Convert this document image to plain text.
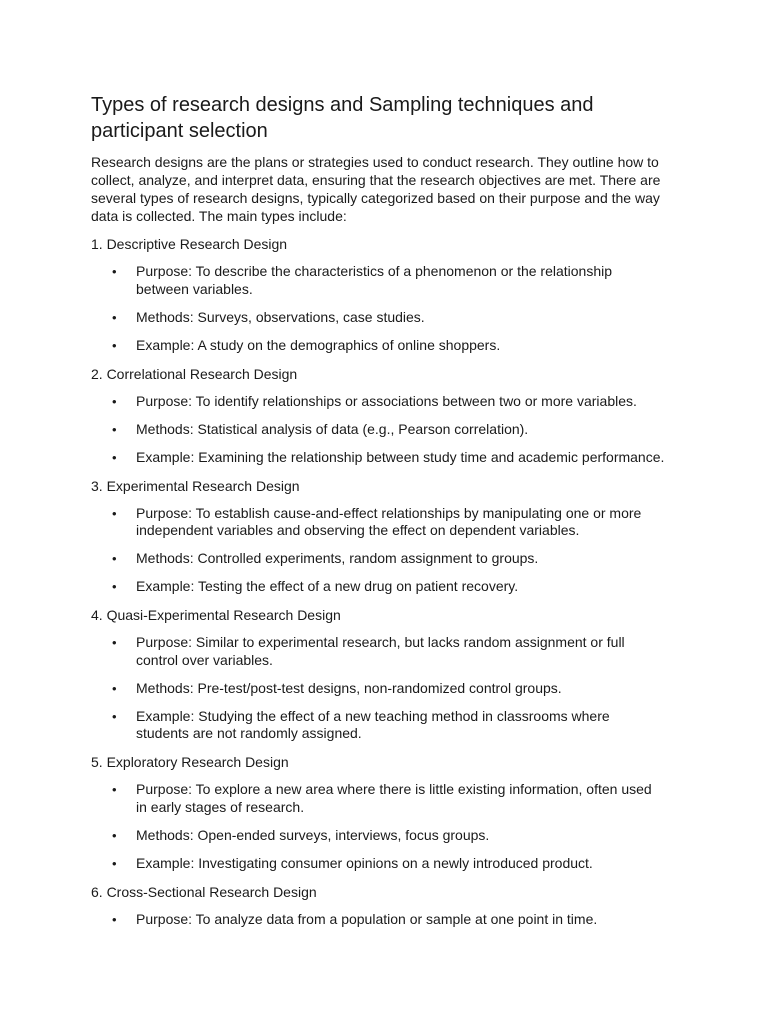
Types of research designs and Sampling techniques and participant selection

Research designs are the plans or strategies used to conduct research. They outline how to collect, analyze, and interpret data, ensuring that the research objectives are met. There are several types of research designs, typically categorized based on their purpose and the way data is collected. The main types include:

1. Descriptive Research Design

• Purpose: To describe the characteristics of a phenomenon or the relationship between variables.
• Methods: Surveys, observations, case studies.
• Example: A study on the demographics of online shoppers.

2. Correlational Research Design

• Purpose: To identify relationships or associations between two or more variables.
• Methods: Statistical analysis of data (e.g., Pearson correlation).
• Example: Examining the relationship between study time and academic performance.

3. Experimental Research Design

• Purpose: To establish cause-and-effect relationships by manipulating one or more independent variables and observing the effect on dependent variables.
• Methods: Controlled experiments, random assignment to groups.
• Example: Testing the effect of a new drug on patient recovery.

4. Quasi-Experimental Research Design

• Purpose: Similar to experimental research, but lacks random assignment or full control over variables.
• Methods: Pre-test/post-test designs, non-randomized control groups.
• Example: Studying the effect of a new teaching method in classrooms where students are not randomly assigned.

5. Exploratory Research Design

• Purpose: To explore a new area where there is little existing information, often used in early stages of research.
• Methods: Open-ended surveys, interviews, focus groups.
• Example: Investigating consumer opinions on a newly introduced product.

6. Cross-Sectional Research Design

• Purpose: To analyze data from a population or sample at one point in time.
